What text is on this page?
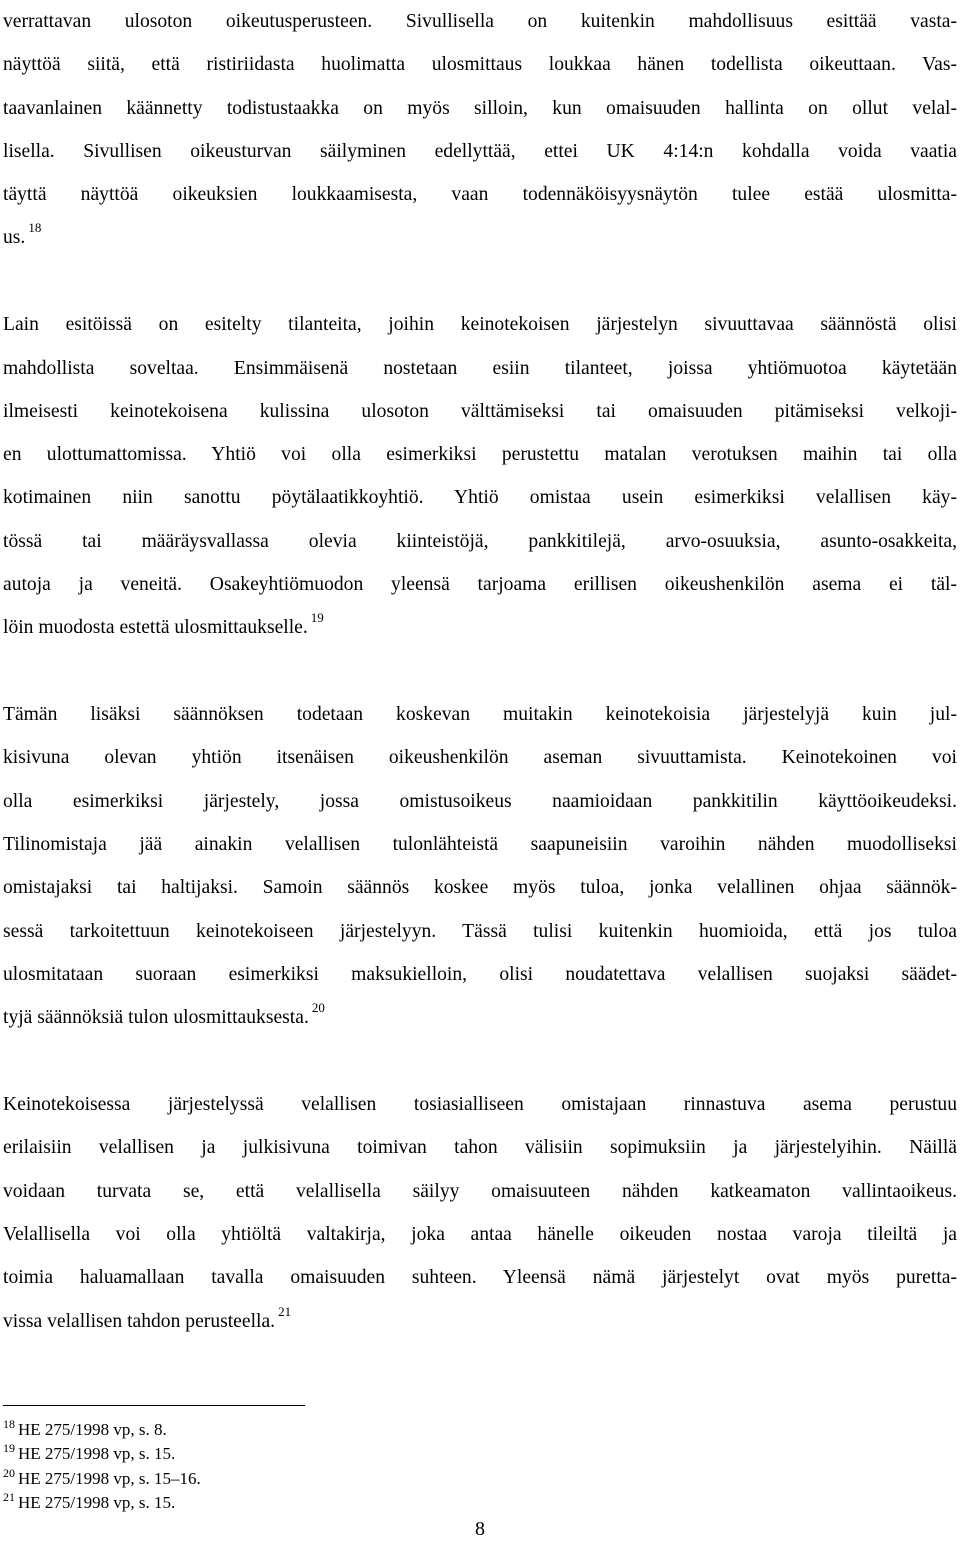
verrattavan ulosoton oikeutusperusteen. Sivullisella on kuitenkin mahdollisuus esittää vasta-
näyttöä siitä, että ristiriidasta huolimatta ulosmittaus loukkaa hänen todellista oikeuttaan. Vas-
taavanlainen käännetty todistustaakka on myös silloin, kun omaisuuden hallinta on ollut velal-
lisella. Sivullisen oikeusturvan säilyminen edellyttää, ettei UK 4:14:n kohdalla voida vaatia
täyttä näyttöä oikeuksien loukkaamisesta, vaan todennäköisyysnäytön tulee estää ulosmitta-
us. $^{18}$
Lain esitöissä on esitelty tilanteita, joihin keinotekoisen järjestelyn sivuuttavaa säännöstä olisi
mahdollista soveltaa. Ensimmäisenä nostetaan esiin tilanteet, joissa yhtiömuotoa käytetään
ilmeisesti keinotekoisena kulissina ulosoton välttämiseksi tai omaisuuden pitämiseksi velkoji-
en ulottumattomissa. Yhtiö voi olla esimerkiksi perustettu matalan verotuksen maihin tai olla
kotimainen niin sanottu pöytälaatikkoyhtiö. Yhtiö omistaa usein esimerkiksi velallisen käy-
tössä tai määräysvallassa olevia kiinteistöjä, pankkitilejä, arvo-osuuksia, asunto-osakkeita,
autoja ja veneitä. Osakeyhtiömuodon yleensä tarjoama erillisen oikeushenkilön asema ei täl-
löin muodosta estettä ulosmittaukselle. $^{19}$
Tämän lisäksi säännöksen todetaan koskevan muitakin keinotekoisia järjestelyjä kuin jul-
kisivuna olevan yhtiön itsenäisen oikeushenkilön aseman sivuuttamista. Keinotekoinen voi
olla esimerkiksi järjestely, jossa omistusoikeus naamioidaan pankkitilin käyttöoikeudeksi.
Tilinomistaja jää ainakin velallisen tulonlähteistä saapuneisiin varoihin nähden muodolliseksi
omistajaksi tai haltijaksi. Samoin säännös koskee myös tuloa, jonka velallinen ohjaa säännök-
sessä tarkoitettuun keinotekoiseen järjestelyyn. Tässä tulisi kuitenkin huomioida, että jos tuloa
ulosmitataan suoraan esimerkiksi maksukielloin, olisi noudatettava velallisen suojaksi säädet-
tyjä säännöksiä tulon ulosmittauksesta. $^{20}$
Keinotekoisessa järjestelyssä velallisen tosiasialliseen omistajaan rinnastuva asema perustuu
erilaisiin velallisen ja julkisivuna toimivan tahon välisiin sopimuksiin ja järjestelyihin. Näillä
voidaan turvata se, että velallisella säilyy omaisuuteen nähden katkeamaton vallintaoikeus.
Velallisella voi olla yhtiöltä valtakirja, joka antaa hänelle oikeuden nostaa varoja tileiltä ja
toimia haluamallaan tavalla omaisuuden suhteen. Yleensä nämä järjestelyt ovat myös puretta-
vissa velallisen tahdon perusteella. $^{21}$
$^{18}$ HE 275/1998 vp, s. 8.
$^{19}$ HE 275/1998 vp, s. 15.
$^{20}$ HE 275/1998 vp, s. 15–16.
$^{21}$ HE 275/1998 vp, s. 15.
8
